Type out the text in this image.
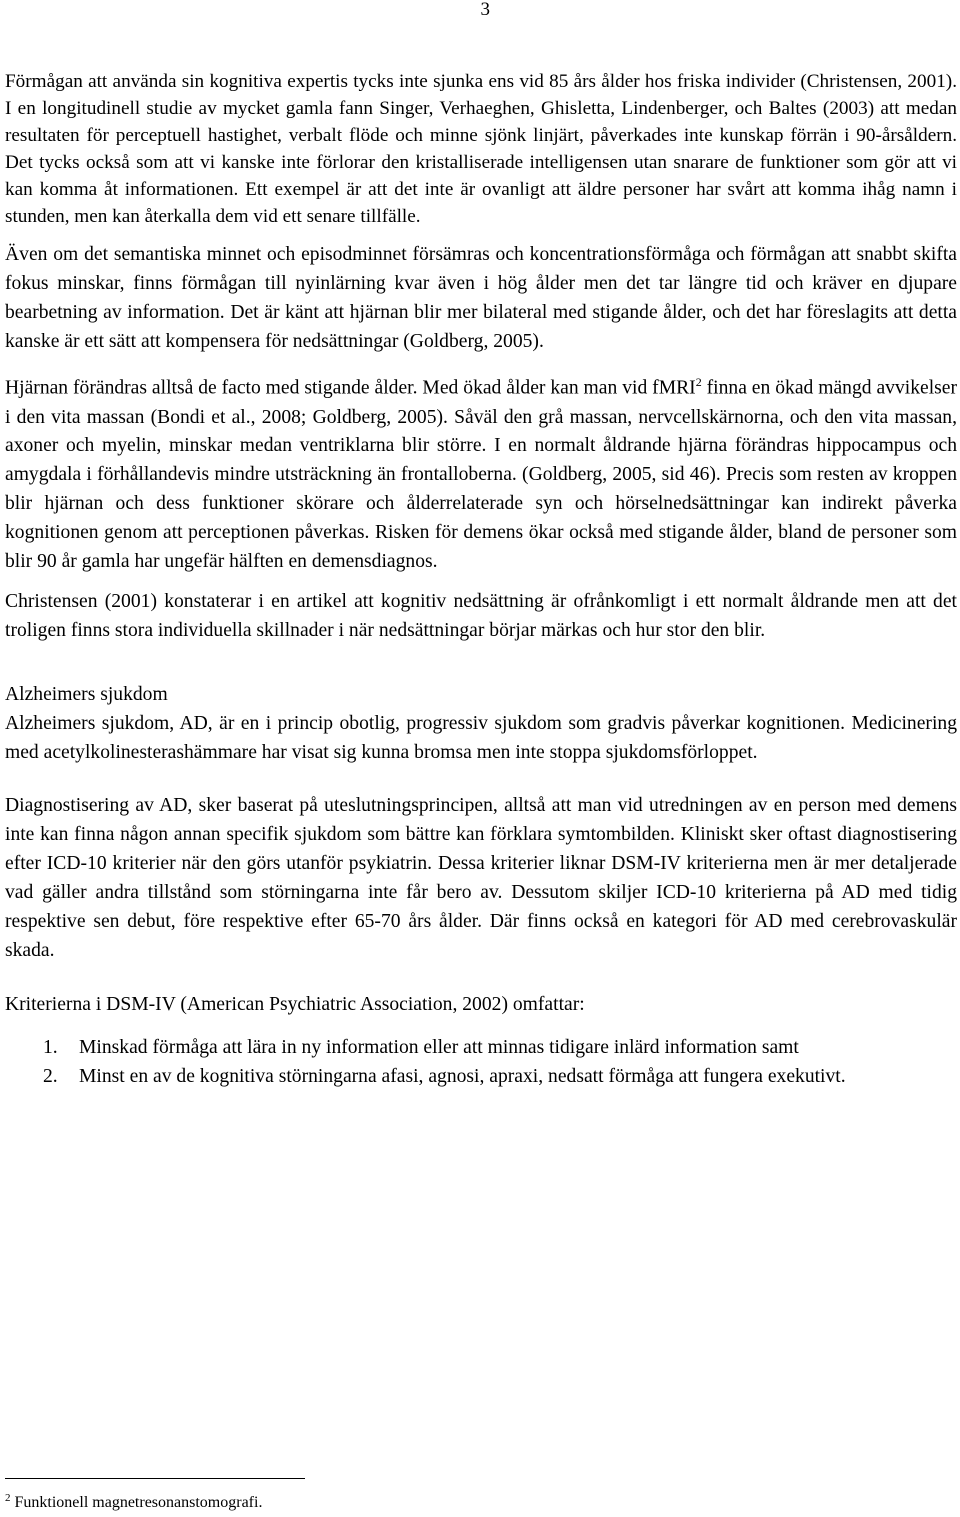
3

Förmågan att använda sin kognitiva expertis tycks inte sjunka ens vid 85 års ålder hos friska individer (Christensen, 2001). I en longitudinell studie av mycket gamla fann Singer, Verhaeghen, Ghisletta, Lindenberger, och Baltes (2003) att medan resultaten för perceptuell hastighet, verbalt flöde och minne sjönk linjärt, påverkades inte kunskap förrän i 90-årsåldern. Det tycks också som att vi kanske inte förlorar den kristalliserade intelligensen utan snarare de funktioner som gör att vi kan komma åt informationen. Ett exempel är att det inte är ovanligt att äldre personer har svårt att komma ihåg namn i stunden, men kan återkalla dem vid ett senare tillfälle.

Även om det semantiska minnet och episodminnet försämras och koncentrationsförmåga och förmågan att snabbt skifta fokus minskar, finns förmågan till nyinlärning kvar även i hög ålder men det tar längre tid och kräver en djupare bearbetning av information. Det är känt att hjärnan blir mer bilateral med stigande ålder, och det har föreslagits att detta kanske är ett sätt att kompensera för nedsättningar (Goldberg, 2005).

Hjärnan förändras alltså de facto med stigande ålder. Med ökad ålder kan man vid fMRI$^2$ finna en ökad mängd avvikelser i den vita massan (Bondi et al., 2008; Goldberg, 2005). Såväl den grå massan, nervcellskärnorna, och den vita massan, axoner och myelin, minskar medan ventriklarna blir större. I en normalt åldrande hjärna förändras hippocampus och amygdala i förhållandevis mindre utsträckning än frontalloberna. (Goldberg, 2005, sid 46). Precis som resten av kroppen blir hjärnan och dess funktioner skörare och ålderrelaterade syn och hörselnedsättningar kan indirekt påverka kognitionen genom att perceptionen påverkas. Risken för demens ökar också med stigande ålder, bland de personer som blir 90 år gamla har ungefär hälften en demensdiagnos.

Christensen (2001) konstaterar i en artikel att kognitiv nedsättning är ofrånkomligt i ett normalt åldrande men att det troligen finns stora individuella skillnader i när nedsättningar börjar märkas och hur stor den blir.

Alzheimers sjukdom

Alzheimers sjukdom, AD, är en i princip obotlig, progressiv sjukdom som gradvis påverkar kognitionen. Medicinering med acetylkolinesterashämmare har visat sig kunna bromsa men inte stoppa sjukdomsförloppet.

Diagnostisering av AD, sker baserat på uteslutningsprincipen, alltså att man vid utredningen av en person med demens inte kan finna någon annan specifik sjukdom som bättre kan förklara symtombilden. Kliniskt sker oftast diagnostisering efter ICD-10 kriterier när den görs utanför psykiatrin. Dessa kriterier liknar DSM-IV kriterierna men är mer detaljerade vad gäller andra tillstånd som störningarna inte får bero av. Dessutom skiljer ICD-10 kriterierna på AD med tidig respektive sen debut, före respektive efter 65-70 års ålder. Där finns också en kategori för AD med cerebrovaskulär skada.

Kriterierna i DSM-IV (American Psychiatric Association, 2002) omfattar:

1. Minskad förmåga att lära in ny information eller att minnas tidigare inlärd information samt
2. Minst en av de kognitiva störningarna afasi, agnosi, apraxi, nedsatt förmåga att fungera exekutivt.
$^2$ Funktionell magnetresonanstomografi.
